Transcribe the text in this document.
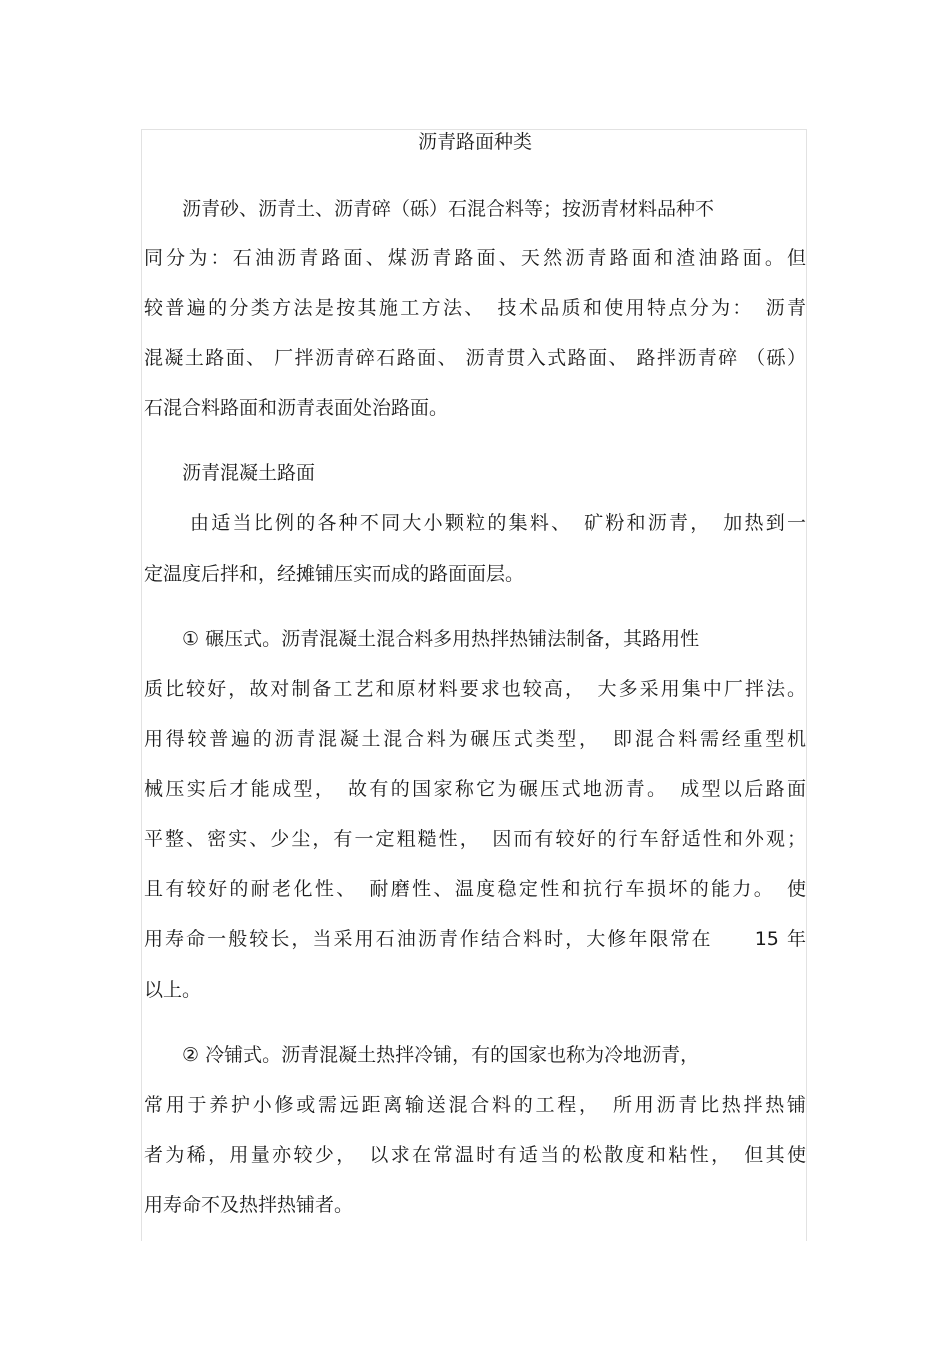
沥青路面种类
沥青砂、沥青土、沥青碎（砾）石混合料等；按沥青材料品种不
同分为：石油沥青路面、煤沥青路面、天然沥青路面和渣油路面。但
较普遍的分类方法是按其施工方法、　技术品质和使用特点分为：　沥青
混凝土路面、 厂拌沥青碎石路面、 沥青贯入式路面、 路拌沥青碎 （砾）
石混合料路面和沥青表面处治路面。
沥青混凝土路面
由适当比例的各种不同大小颗粒的集料、　矿粉和沥青，　加热到一
定温度后拌和，经摊铺压实而成的路面面层。
① 碾压式。沥青混凝土混合料多用热拌热铺法制备，其路用性
质比较好，故对制备工艺和原材料要求也较高，　大多采用集中厂拌法。
用得较普遍的沥青混凝土混合料为碾压式类型，　即混合料需经重型机
械压实后才能成型，　故有的国家称它为碾压式地沥青。　成型以后路面
平整、密实、少尘，有一定粗糙性，　因而有较好的行车舒适性和外观；
且有较好的耐老化性、　耐磨性、温度稳定性和抗行车损坏的能力。　使
用寿命一般较长，当采用石油沥青作结合料时，大修年限常在　　15 年
以上。
② 冷铺式。沥青混凝土热拌冷铺，有的国家也称为冷地沥青，
常用于养护小修或需远距离输送混合料的工程，　所用沥青比热拌热铺
者为稀，用量亦较少，　以求在常温时有适当的松散度和粘性，　但其使
用寿命不及热拌热铺者。
